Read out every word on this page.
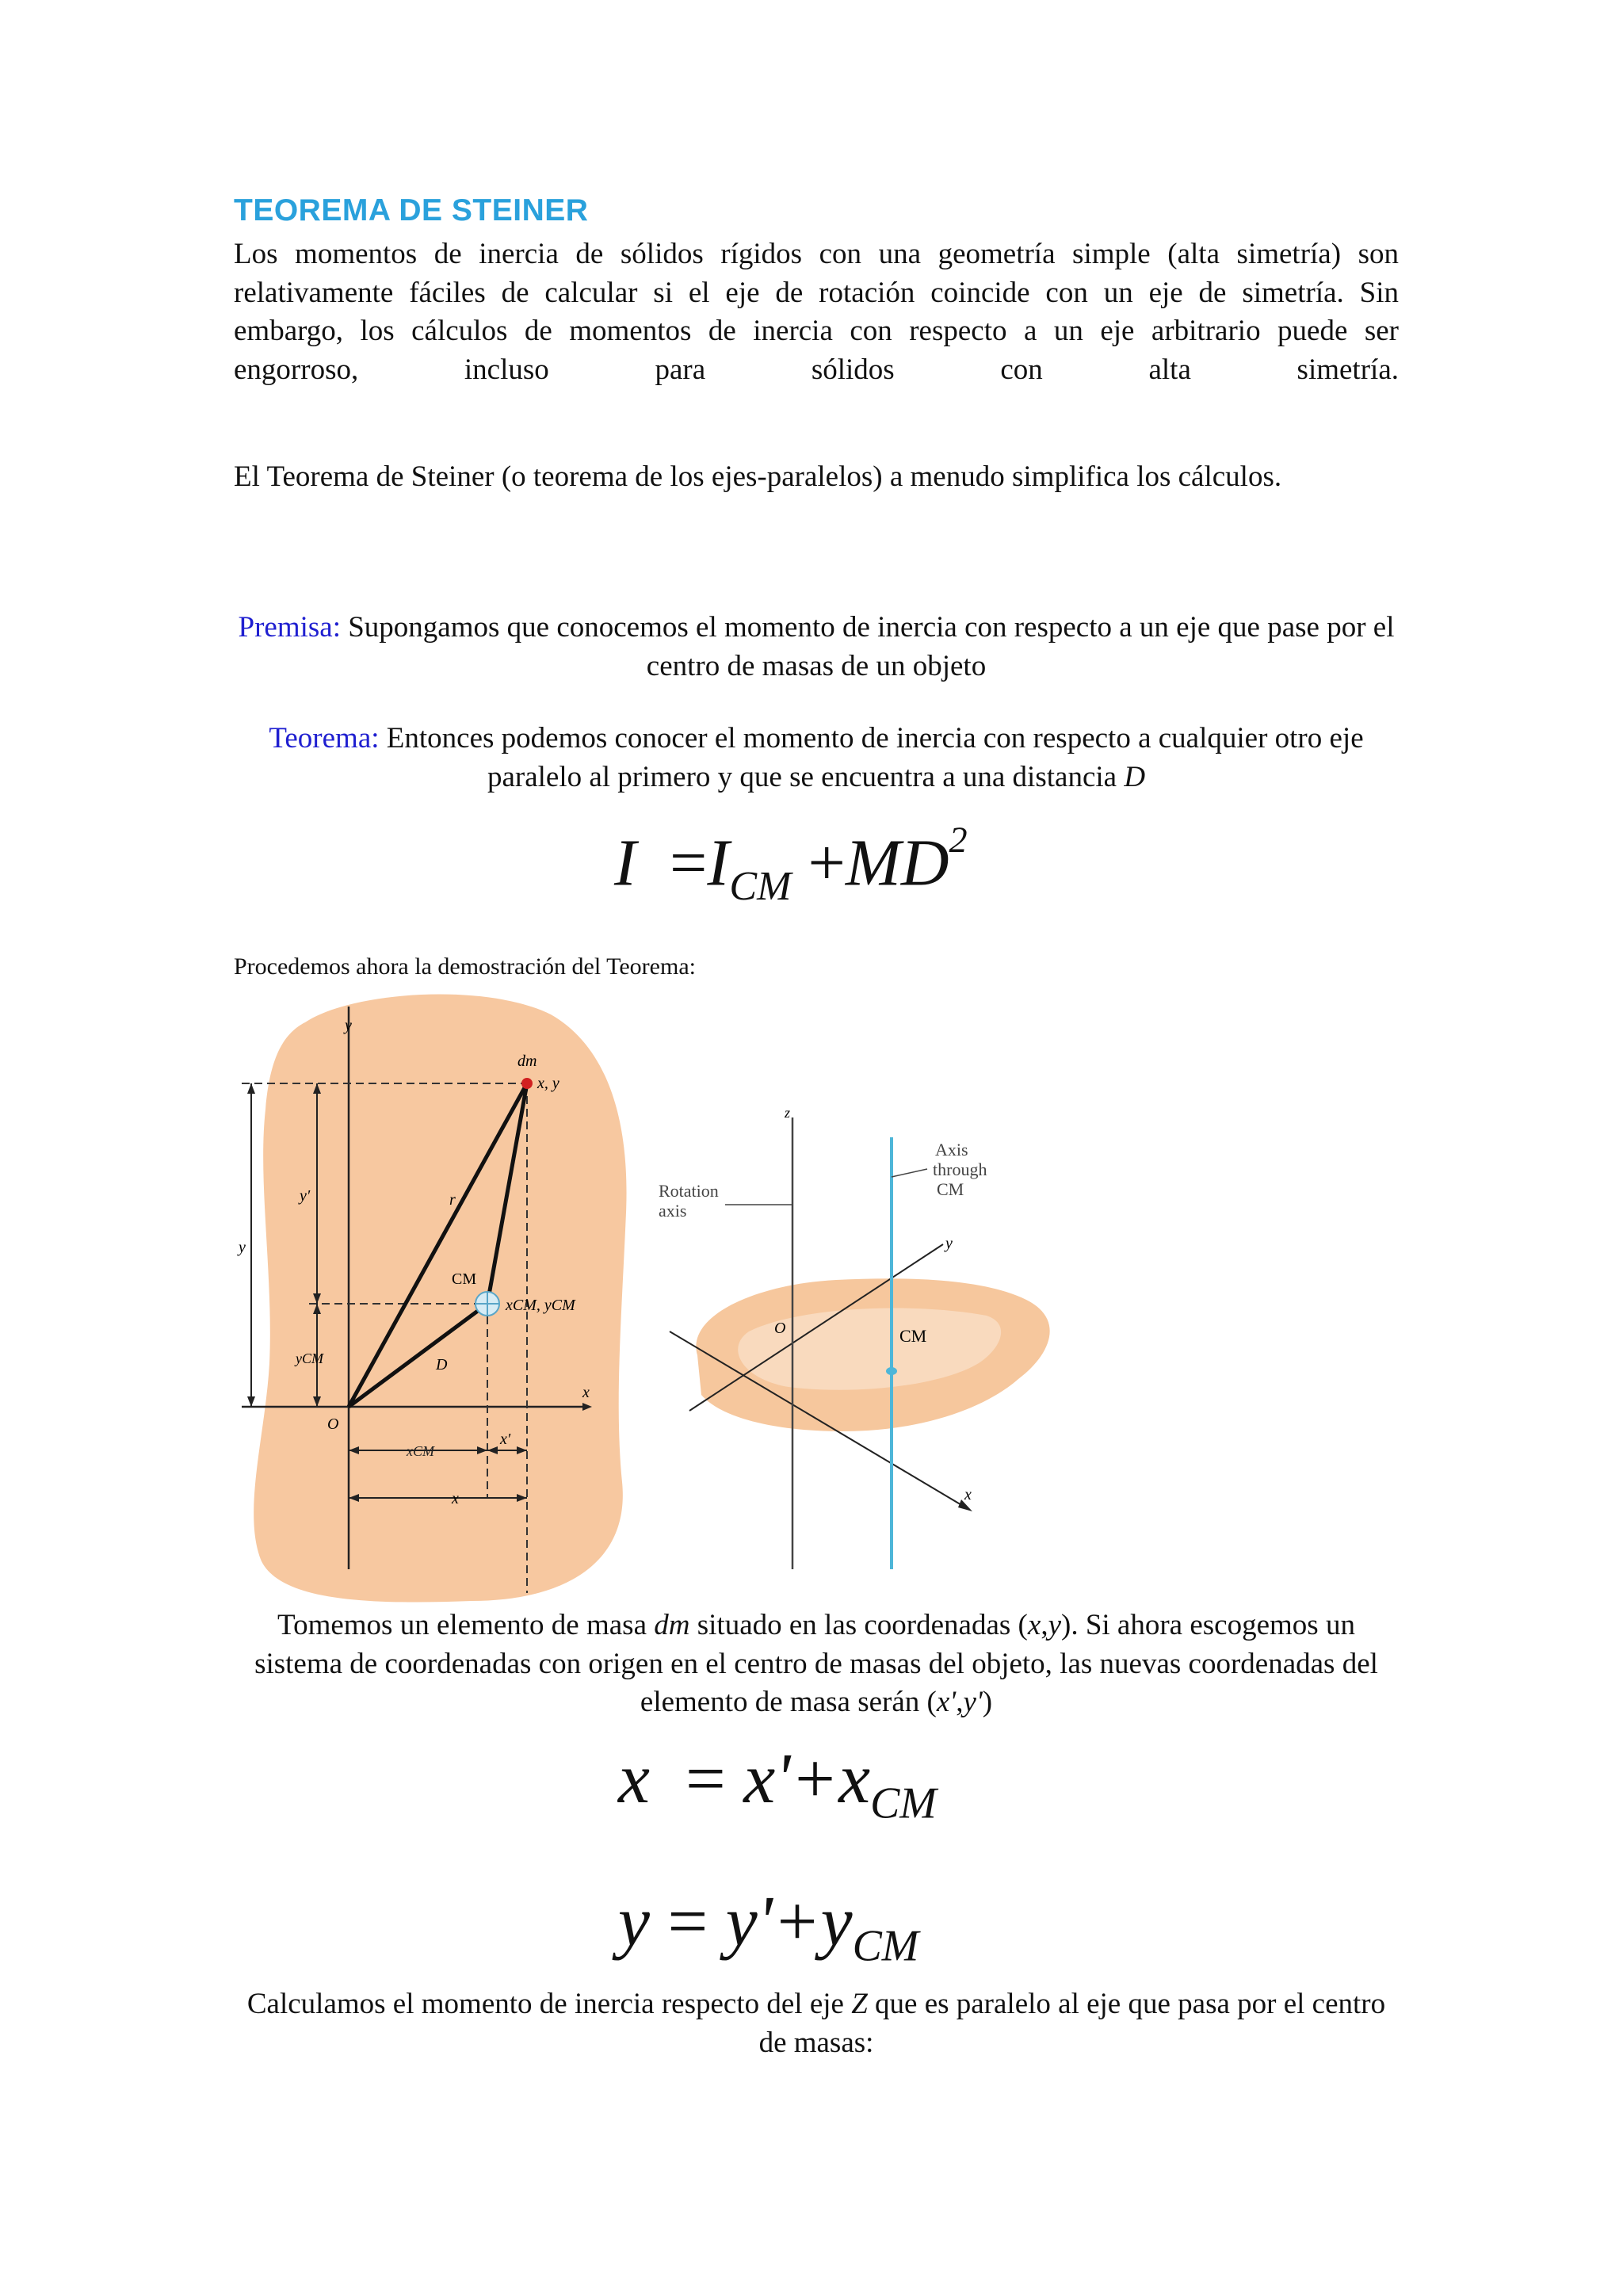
TEOREMA DE STEINER
Los momentos de inercia de sólidos rígidos con una geometría simple (alta simetría) son
relativamente fáciles de calcular si el eje de rotación coincide con un eje de simetría. Sin
embargo, los cálculos de momentos de inercia con respecto a un eje arbitrario puede ser
engorroso, incluso para sólidos con alta simetría.
El Teorema de Steiner (o teorema de los ejes-paralelos) a menudo simplifica los cálculos.
Premisa: Supongamos que conocemos el momento de inercia con respecto a un eje que pase por el centro de masas de un objeto
Teorema: Entonces podemos conocer el momento de inercia con respecto a cualquier otro eje paralelo al primero y que se encuentra a una distancia D
$I =I_{CM} +MD^2$
Procedemos ahora la demostración del Teorema:
y
dm
x, y
y′
y
r
CM
xCM, yCM
yCM	D
O
x
xCM
x′
x
z
Axis
through
CM
Rotation
axis
y
O	CM
x
Tomemos un elemento de masa dm situado en las coordenadas (x,y). Si ahora escogemos un sistema de coordenadas con origen en el centro de masas del objeto, las nuevas coordenadas del elemento de masa serán (x',y')
$x = x'+x_{CM}$
$y = y'+y_{CM}$
Calculamos el momento de inercia respecto del eje Z que es paralelo al eje que pasa por el centro de masas:
